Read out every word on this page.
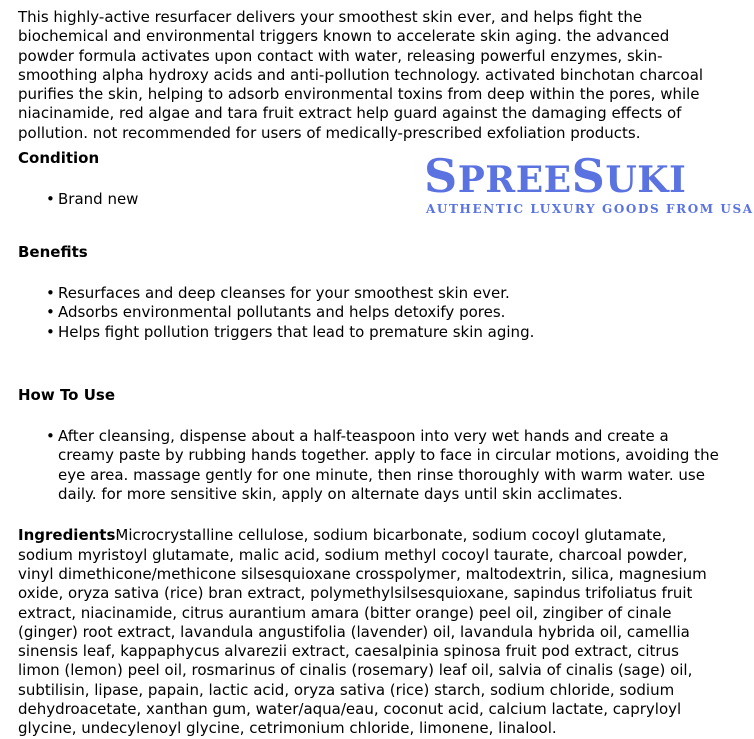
This highly-active resurfacer delivers your smoothest skin ever, and helps fight the biochemical and environmental triggers known to accelerate skin aging. the advanced powder formula activates upon contact with water, releasing powerful enzymes, skin-smoothing alpha hydroxy acids and anti-pollution technology. activated binchotan charcoal purifies the skin, helping to adsorb environmental toxins from deep within the pores, while niacinamide, red algae and tara fruit extract help guard against the damaging effects of pollution. not recommended for users of medically-prescribed exfoliation products.

Condition
• Brand new
Benefits
• Resurfaces and deep cleanses for your smoothest skin ever.
• Adsorbs environmental pollutants and helps detoxify pores.
• Helps fight pollution triggers that lead to premature skin aging.
How To Use
• After cleansing, dispense about a half-teaspoon into very wet hands and create a creamy paste by rubbing hands together. apply to face in circular motions, avoiding the eye area. massage gently for one minute, then rinse thoroughly with warm water. use daily. for more sensitive skin, apply on alternate days until skin acclimates.

IngredientsMicrocrystalline cellulose, sodium bicarbonate, sodium cocoyl glutamate, sodium myristoyl glutamate, malic acid, sodium methyl cocoyl taurate, charcoal powder, vinyl dimethicone/methicone silsesquioxane crosspolymer, maltodextrin, silica, magnesium oxide, oryza sativa (rice) bran extract, polymethylsilsesquioxane, sapindus trifoliatus fruit extract, niacinamide, citrus aurantium amara (bitter orange) peel oil, zingiber of cinale (ginger) root extract, lavandula angustifolia (lavender) oil, lavandula hybrida oil, camellia sinensis leaf, kappaphycus alvarezii extract, caesalpinia spinosa fruit pod extract, citrus limon (lemon) peel oil, rosmarinus of cinalis (rosemary) leaf oil, salvia of cinalis (sage) oil, subtilisin, lipase, papain, lactic acid, oryza sativa (rice) starch, sodium chloride, sodium dehydroacetate, xanthan gum, water/aqua/eau, coconut acid, calcium lactate, capryloyl glycine, undecylenoyl glycine, cetrimonium chloride, limonene, linalool.

SPREESUKI
AUTHENTIC LUXURY GOODS FROM USA
